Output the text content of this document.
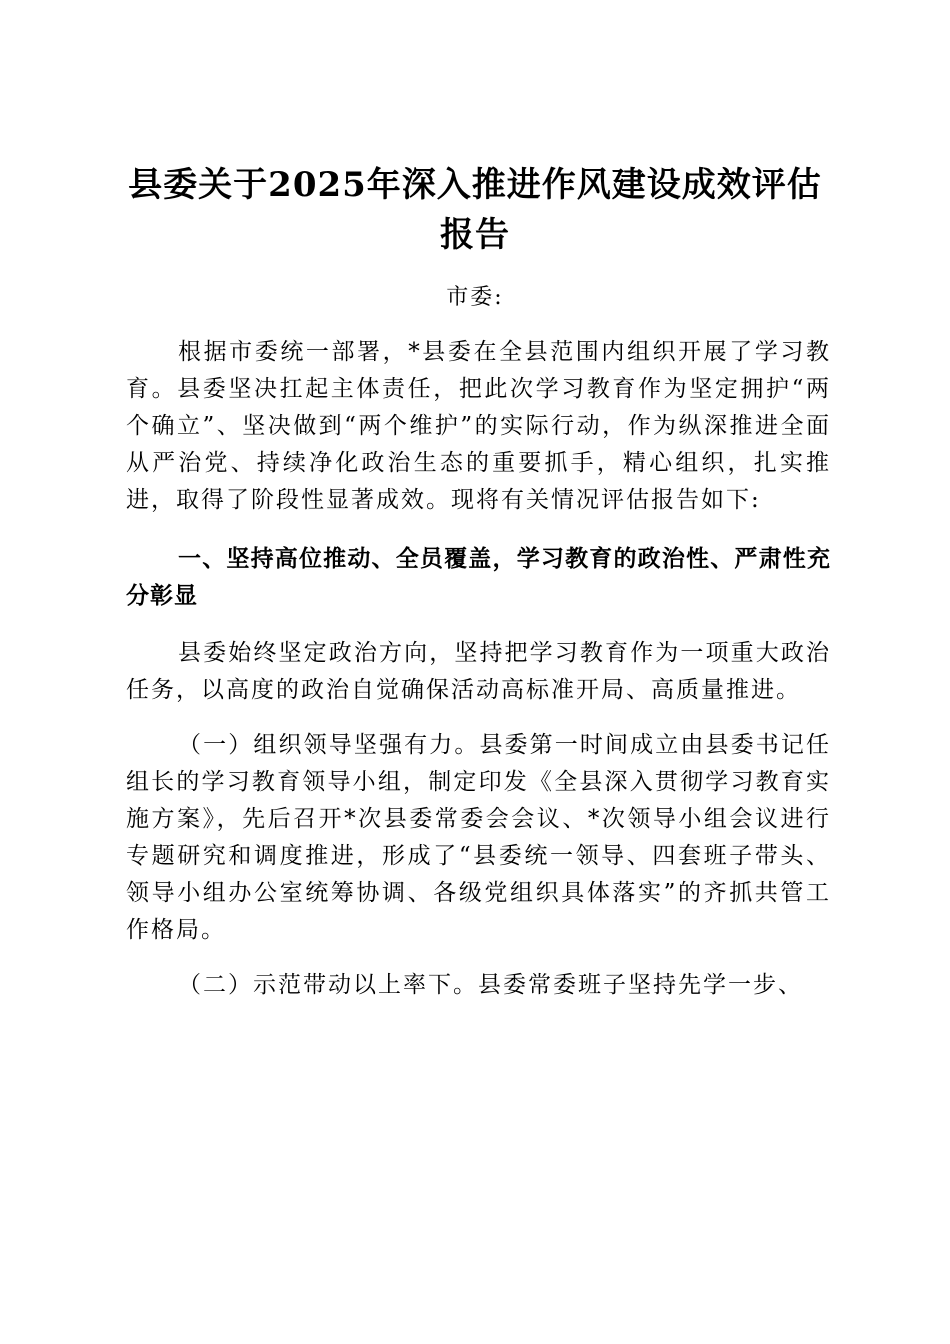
县委关于2025年深入推进作风建设成效评估报告

市委:

根据市委统一部署，*县委在全县范围内组织开展了学习教育。县委坚决扛起主体责任，把此次学习教育作为坚定拥护“两个确立”、坚决做到“两个维护”的实际行动，作为纵深推进全面从严治党、持续净化政治生态的重要抓手，精心组织，扎实推进，取得了阶段性显著成效。现将有关情况评估报告如下:

一、坚持高位推动、全员覆盖，学习教育的政治性、严肃性充分彰显

县委始终坚定政治方向，坚持把学习教育作为一项重大政治任务，以高度的政治自觉确保活动高标准开局、高质量推进。

（一）组织领导坚强有力。县委第一时间成立由县委书记任组长的学习教育领导小组，制定印发《全县深入贯彻学习教育实施方案》，先后召开*次县委常委会会议、*次领导小组会议进行专题研究和调度推进，形成了“县委统一领导、四套班子带头、领导小组办公室统筹协调、各级党组织具体落实”的齐抓共管工作格局。

（二）示范带动以上率下。县委常委班子坚持先学一步、
